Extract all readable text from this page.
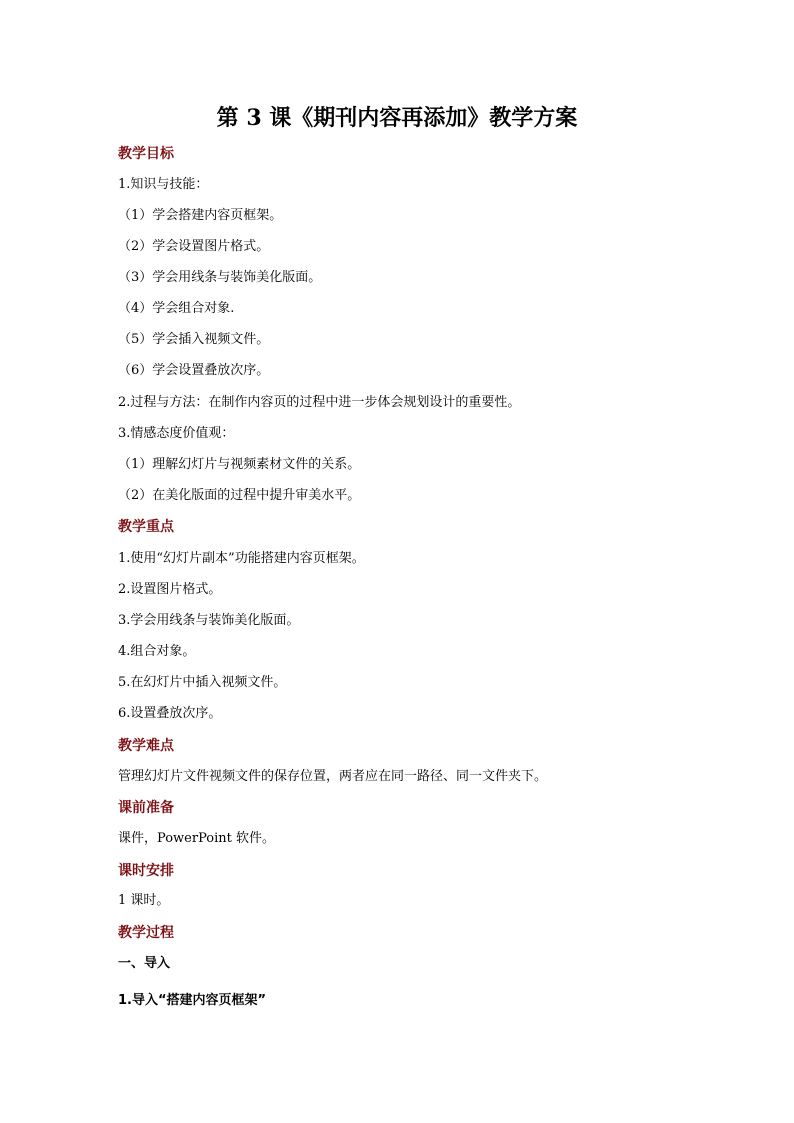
第 3 课《期刊内容再添加》教学方案
教学目标
1.知识与技能：
（1）学会搭建内容页框架。
（2）学会设置图片格式。
（3）学会用线条与装饰美化版面。
（4）学会组合对象.
（5）学会插入视频文件。
（6）学会设置叠放次序。
2.过程与方法：在制作内容页的过程中进一步体会规划设计的重要性。
3.情感态度价值观：
（1）理解幻灯片与视频素材文件的关系。
（2）在美化版面的过程中提升审美水平。
教学重点
1.使用“幻灯片副本”功能搭建内容页框架。
2.设置图片格式。
3.学会用线条与装饰美化版面。
4.组合对象。
5.在幻灯片中插入视频文件。
6.设置叠放次序。
教学难点
管理幻灯片文件视频文件的保存位置，两者应在同一路径、同一文件夹下。
课前准备
课件，PowerPoint 软件。
课时安排
1 课时。
教学过程
一、导入
1.导入“搭建内容页框架”
